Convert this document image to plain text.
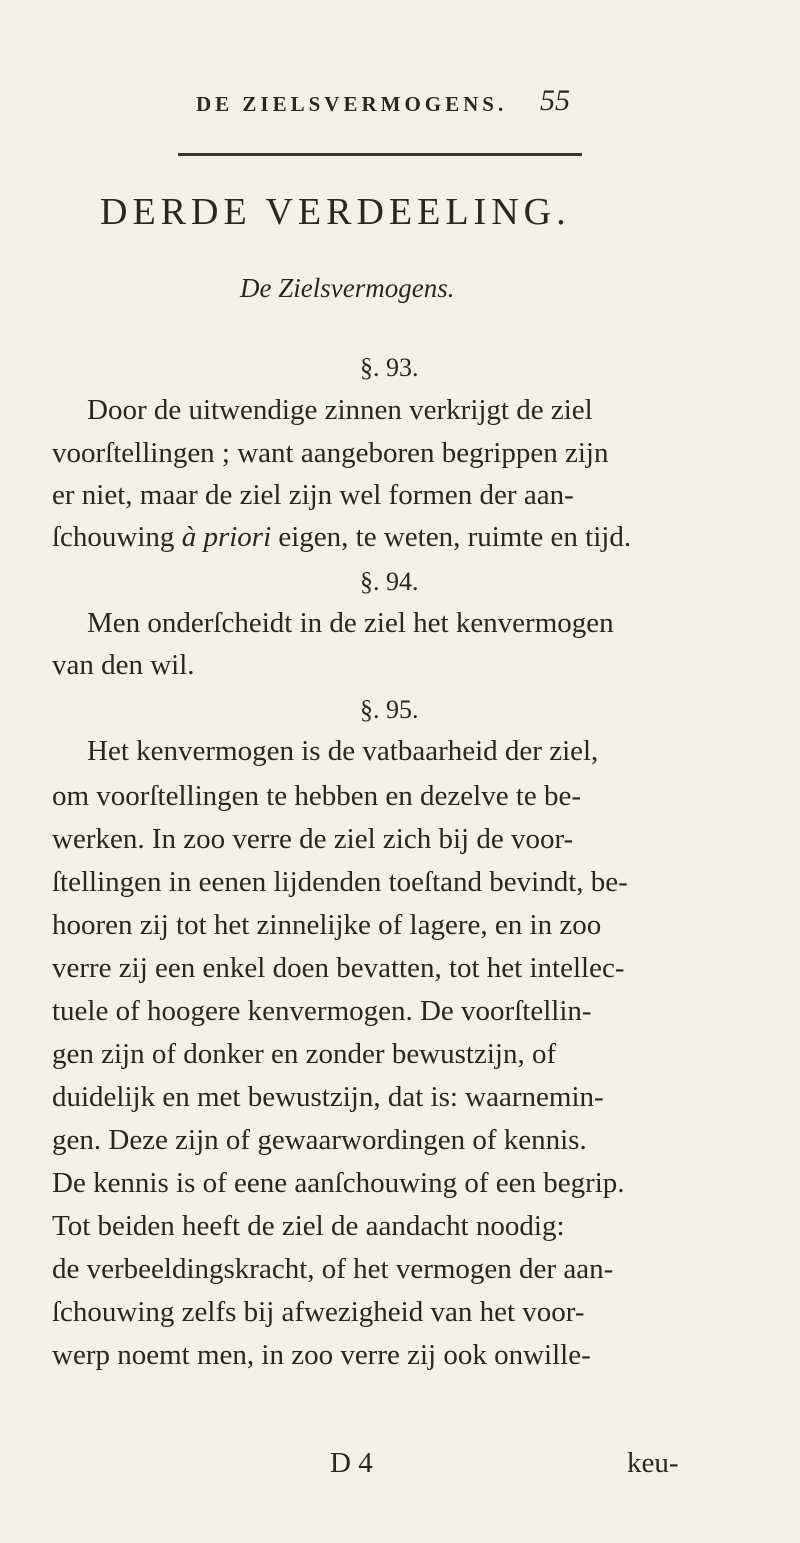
DE ZIELSVERMOGENS.	55
DERDE VERDEELING.
De Zielsvermogens.
§. 93.
Door de uitwendige zinnen verkrijgt de ziel
voorſtellingen ; want aangeboren begrippen zijn
er niet, maar de ziel zijn wel formen der aan-
ſchouwing à priori eigen, te weten, ruimte en tijd.
§. 94.
Men onderſcheidt in de ziel het kenvermogen
van den wil.
§. 95.
Het kenvermogen is de vatbaarheid der ziel,
om voorſtellingen te hebben en dezelve te be-
werken. In zoo verre de ziel zich bij de voor-
ſtellingen in eenen lijdenden toeſtand bevindt, be-
hooren zij tot het zinnelijke of lagere, en in zoo
verre zij een enkel doen bevatten, tot het intellec-
tuele of hoogere kenvermogen. De voorſtellin-
gen zijn of donker en zonder bewustzijn, of
duidelijk en met bewustzijn, dat is: waarnemin-
gen. Deze zijn of gewaarwordingen of kennis.
De kennis is of eene aanſchouwing of een begrip.
Tot beiden heeft de ziel de aandacht noodig:
de verbeeldingskracht, of het vermogen der aan-
ſchouwing zelfs bij afwezigheid van het voor-
werp noemt men, in zoo verre zij ook onwille-
D 4	keu-
